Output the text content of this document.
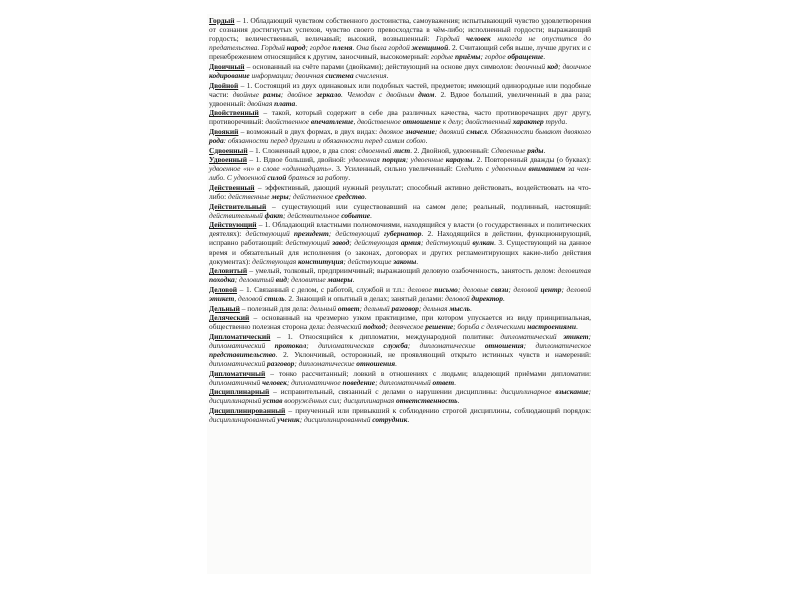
Гордый – 1. Обладающий чувством собственного достоинства, самоуважения; испытывающий чувство удовлетворения от сознания достигнутых успехов, чувство своего превосходства в чём-либо; исполненный гордости; выражающий гордость; величественный, величавый; высокий, возвышенный: Гордый человек никогда не опустится до предательства. Гордый народ; гордое племя. Она была гордой женщиной. 2. Считающий себя выше, лучше других и с пренебрежением относящийся к другим, заносчивый, высокомерный: гордые приёмы; гордое обращение.
Двоичный – основанный на счёте парами (двойками); действующий на основе двух символов: двоичный код; двоичное кодирование информации; двоичная система счисления.
Двойной – 1. Состоящий из двух одинаковых или подобных частей, предметов; имеющий одинородные или подобные части: двойные рамы; двойное зеркало. Чемодан с двойным дном. 2. Вдвое больший, увеличенный в два раза; удвоенный: двойная плата.
Двойственный – такой, который содержит в себе два различных качества, часто противоречащих друг другу, противоречивый: двойственное впечатление, двойственное отношение к делу; двойственный характер труда.
Двоякий – возможный в двух формах, в двух видах: двоякое значение; двоякий смысл. Обязанности бывают двоякого рода: обязанности перед другими и обязанности перед самим собою.
Сдвоенный – 1. Сложенный вдвое, в два слоя: сдвоенный лист. 2. Двойной, удвоенный: Сдвоенные ряды.
Удвоенный – 1. Вдвое больший, двойной: удвоенная порция; удвоенные караулы. 2. Повторенный дважды (о буквах): удвоенное «н» в слове «одиннадцать». 3. Усиленный, сильно увеличенный: Следить с удвоенным вниманием за чем-либо. С удвоенной силой браться за работу.
Действенный – эффективный, дающий нужный результат; способный активно действовать, воздействовать на что-либо: действенные меры; действенное средство.
Действительный – существующий или существовавший на самом деле; реальный, подлинный, настоящий: действительный факт; действительное событие.
Действующий – 1. Обладающий властными полномочиями, находящийся у власти (о государственных и политических деятелях): действующий президент; действующий губернатор. 2. Находящийся в действии, функционирующий, исправно работающий: действующий завод; действующая армия; действующий вулкан. 3. Существующий на данное время и обязательный для исполнения (о законах, договорах и других регламентирующих какие-либо действия документах): действующая конституция; действующие законы.
Деловитый – умелый, толковый, предприимчивый; выражающий деловую озабоченность, занятость делом: деловитая походка; деловитый вид; деловитые манеры.
Деловой – 1. Связанный с делом, с работой, службой и т.п.: деловое письмо; деловые связи; деловой центр; деловой этикет, деловой стиль. 2. Знающий и опытный в делах; занятый делами: деловой директор.
Дельный – полезный для дела: дельный ответ; дельный разговор; дельная мысль.
Деляческий – основанный на чрезмерно узком практицизме, при котором упускается из виду принципиальная, общественно полезная сторона дела: деляческий подход; деляческое решение; борьба с деляческими настроениями.
Дипломатический – 1. Относящийся к дипломатии, международной политике: дипломатический этикет; дипломатический протокол; дипломатическая служба; дипломатические отношения; дипломатическое представительство. 2. Уклончивый, осторожный, не проявляющий открыто истинных чувств и намерений: дипломатический разговор; дипломатические отношения.
Дипломатичный – тонко рассчитанный; ловкий в отношениях с людьми; владеющий приёмами дипломатии: дипломатичный человек; дипломатичное поведение; дипломатичный ответ.
Дисциплинарный – исправительный, связанный с делами о нарушении дисциплины: дисциплинарное взыскание; дисциплинарный устав вооружённых сил; дисциплинарная ответственность.
Дисциплинированный – приученный или привыкший к соблюдению строгой дисциплины, соблюдающий порядок: дисциплинированный ученик; дисциплинированный сотрудник.
